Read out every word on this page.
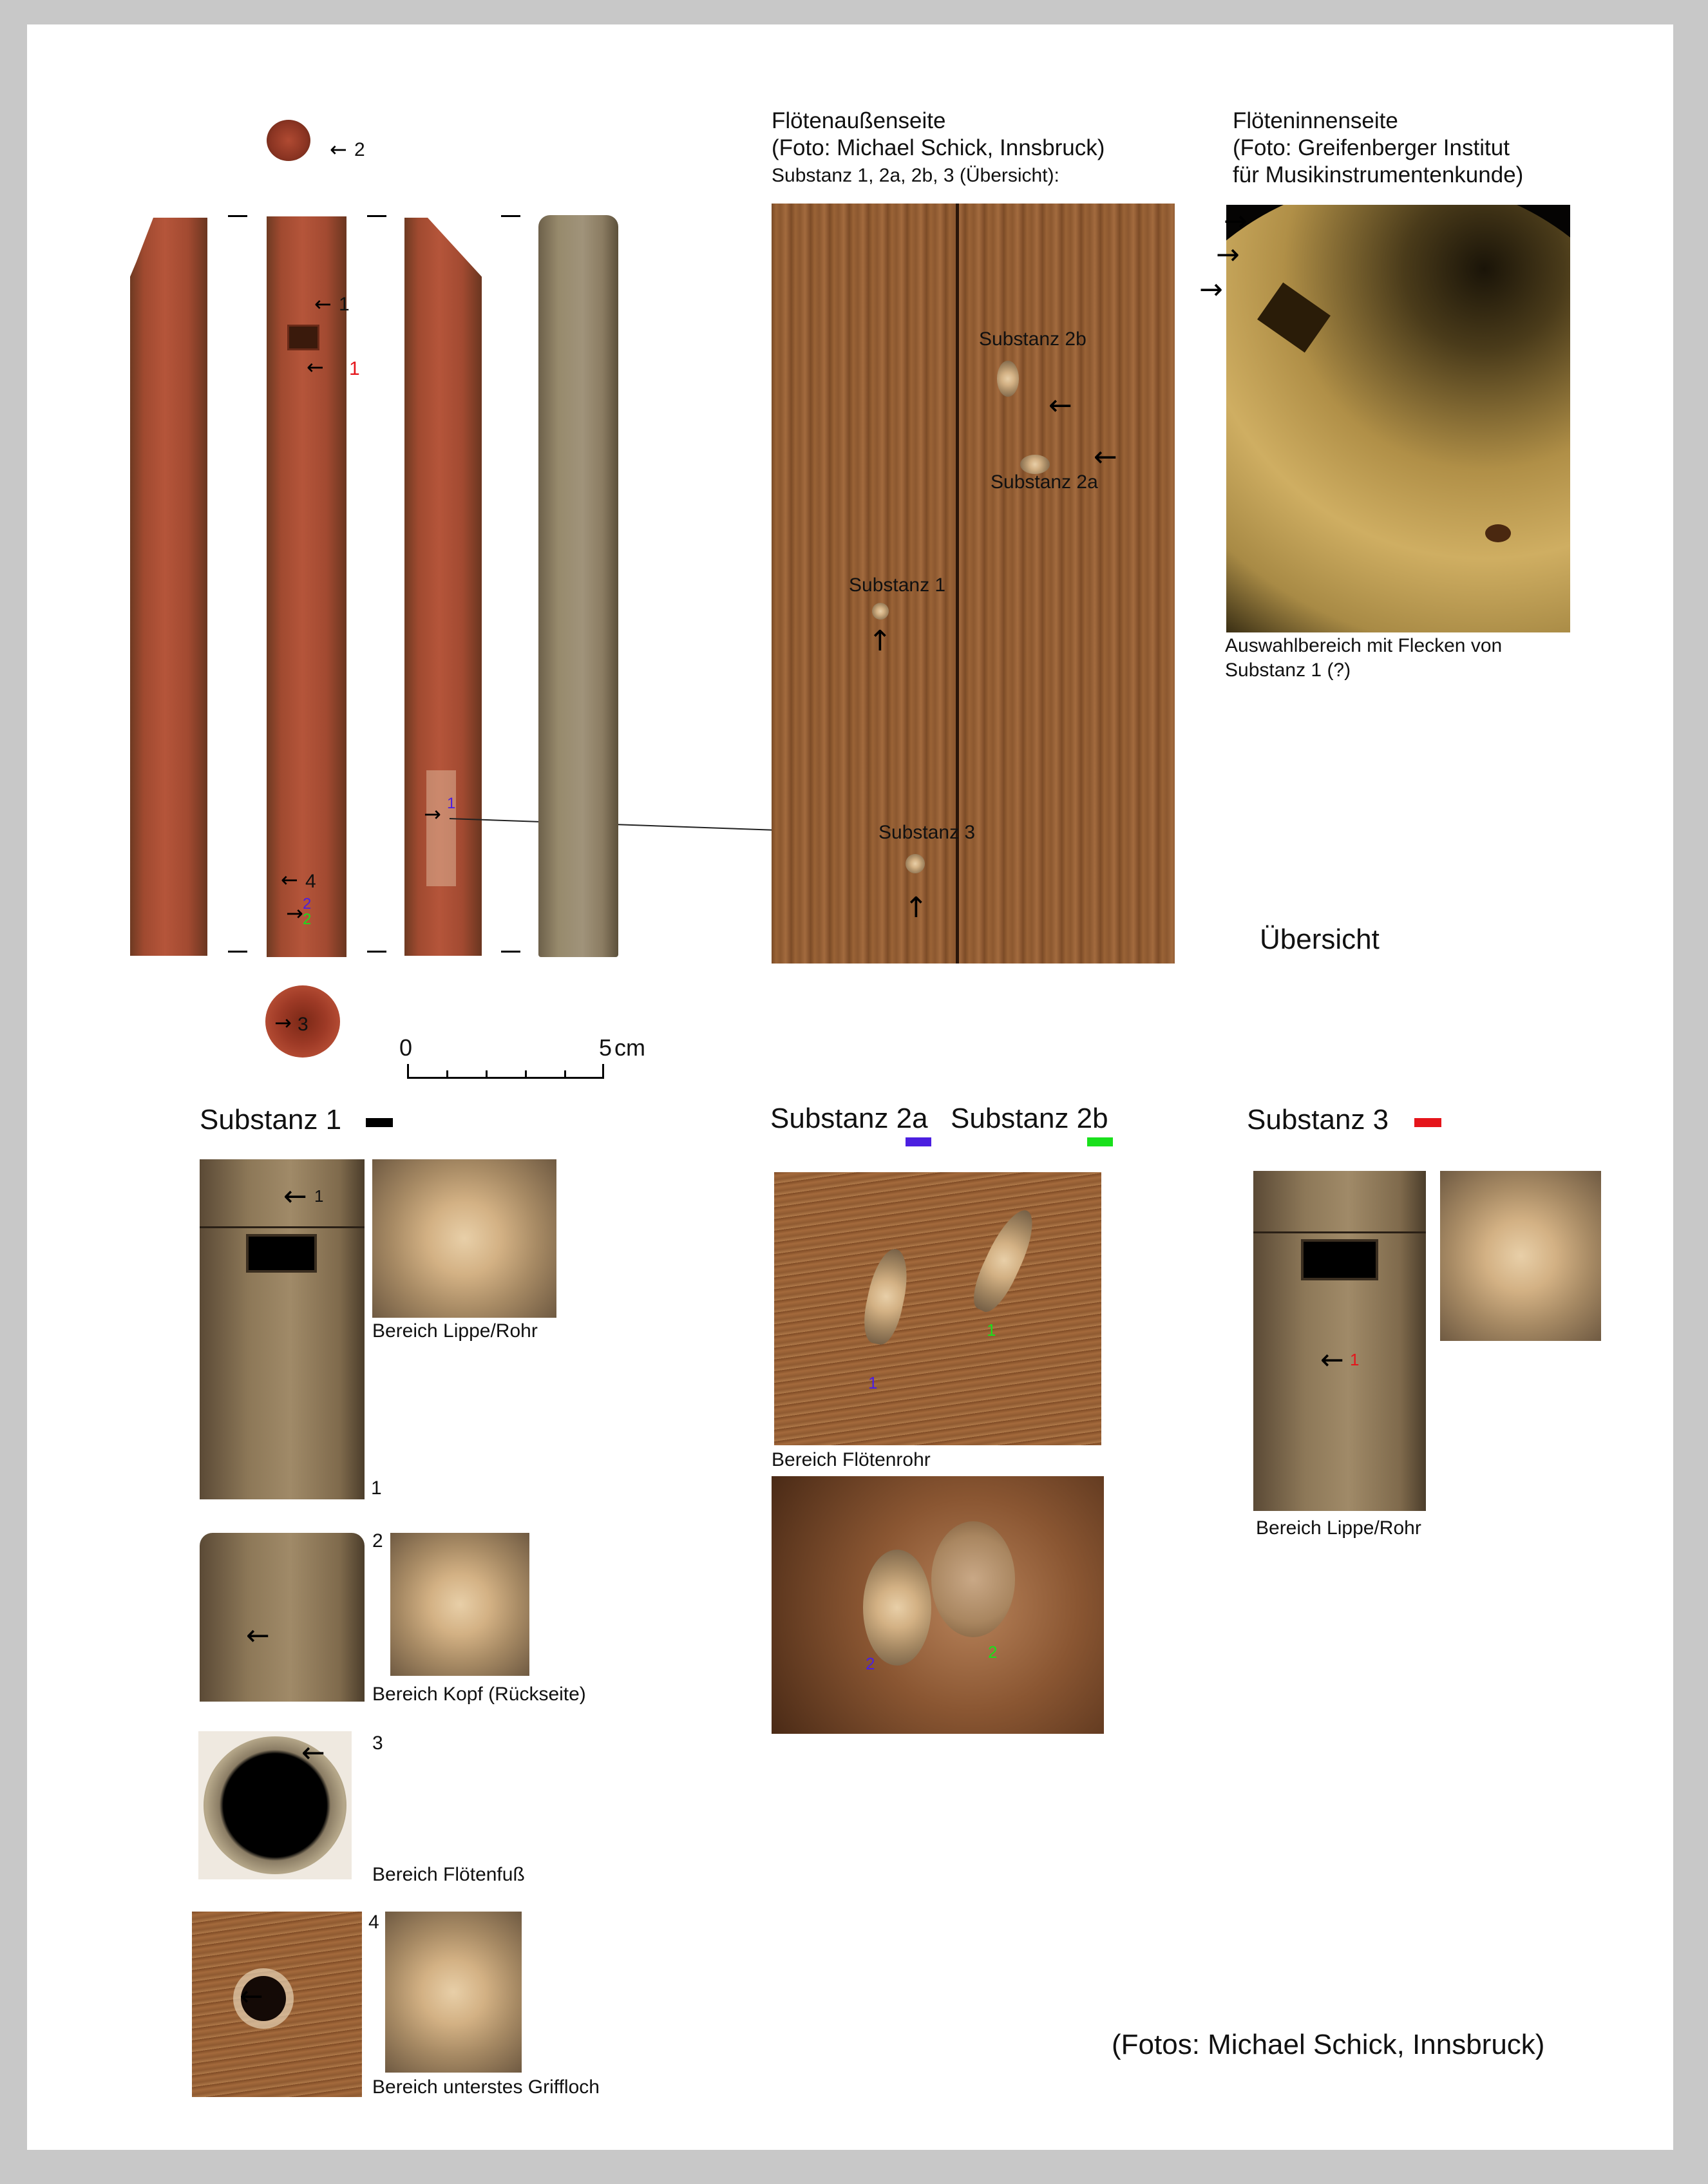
← 2
← 1
← 1
← 4
→ 2
2
→ 1
→ 3
0	5 cm
Flötenaußenseite
(Foto: Michael Schick, Innsbruck)
Substanz 1, 2a, 2b, 3 (Übersicht):
Substanz 2b
←
←
Substanz 2a
Substanz 1
↑
Substanz 3
↑
Flöteninnenseite
(Foto: Greifenberger Institut
für Musikinstrumentenkunde)
→
→
→
Auswahlbereich mit Flecken von
Substanz 1 (?)
Übersicht
Substanz 1
← 1
Bereich Lippe/Rohr
1
←
2
Bereich Kopf (Rückseite)
← 3
Bereich Flötenfuß
←
4
Bereich unterstes Griffloch
Substanz 2a Substanz 2b
1
1
Bereich Flötenrohr
2
2
Substanz 3
← 1
Bereich Lippe/Rohr
(Fotos: Michael Schick, Innsbruck)
